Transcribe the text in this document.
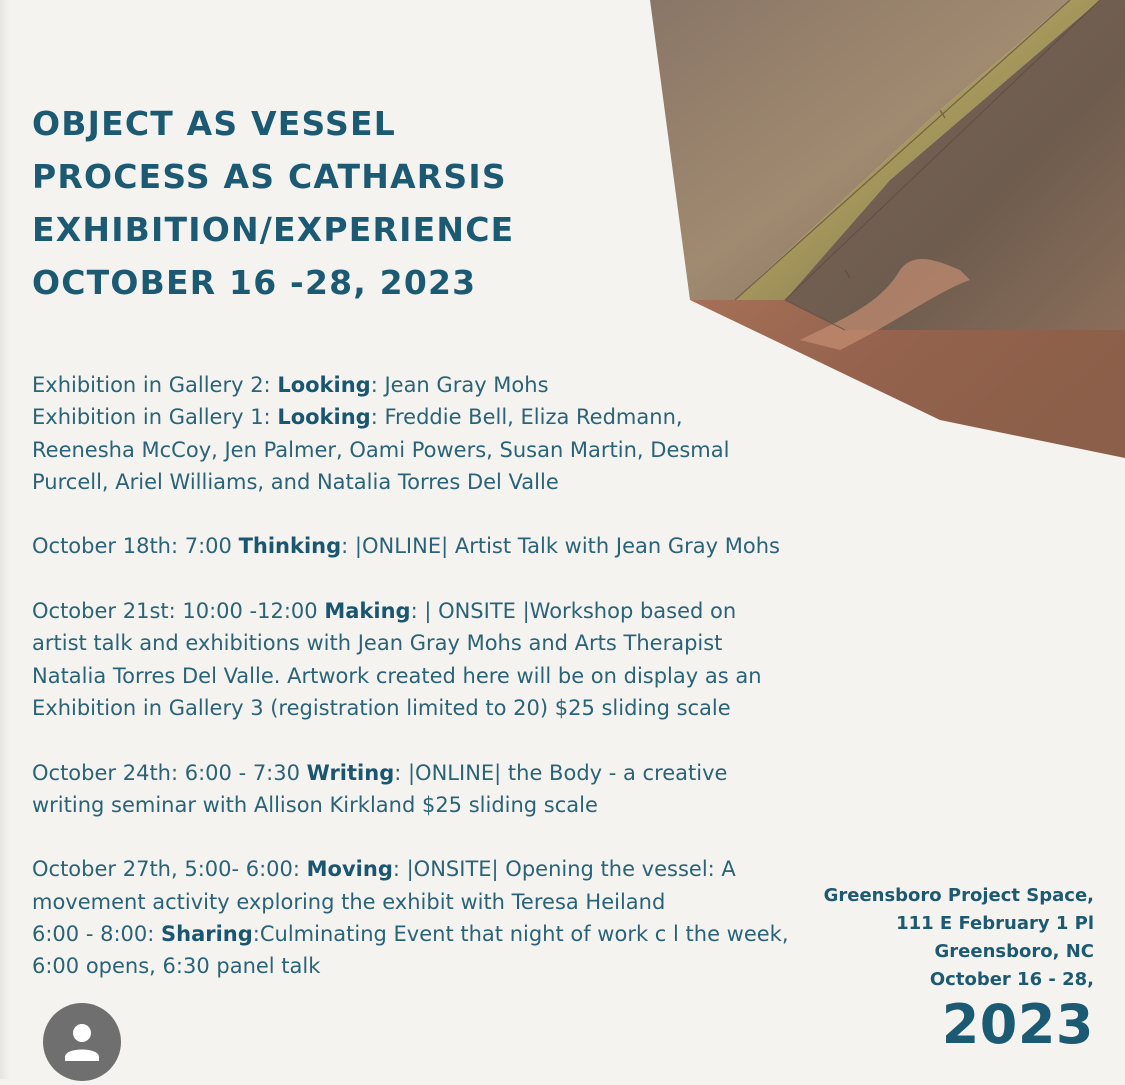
OBJECT AS VESSEL
PROCESS AS CATHARSIS
EXHIBITION/EXPERIENCE
OCTOBER 16 -28, 2023

Exhibition in Gallery 2: Looking: Jean Gray Mohs
Exhibition in Gallery 1: Looking: Freddie Bell, Eliza Redmann, Reenesha McCoy, Jen Palmer, Oami Powers, Susan Martin, Desmal Purcell, Ariel Williams, and Natalia Torres Del Valle

October 18th: 7:00 Thinking: |ONLINE| Artist Talk with Jean Gray Mohs

October 21st: 10:00 -12:00 Making: | ONSITE |Workshop based on artist talk and exhibitions with Jean Gray Mohs and Arts Therapist Natalia Torres Del Valle. Artwork created here will be on display as an Exhibition in Gallery 3 (registration limited to 20) $25 sliding scale

October 24th: 6:00 - 7:30 Writing: |ONLINE| the Body - a creative writing seminar with Allison Kirkland $25 sliding scale

October 27th, 5:00- 6:00: Moving: |ONSITE| Opening the vessel: A movement activity exploring the exhibit with Teresa Heiland
6:00 - 8:00: Sharing:Culminating Event that night of work c l the week, 6:00 opens, 6:30 panel talk

Greensboro Project Space,
111 E February 1 Pl
Greensboro, NC
October 16 - 28,
2023
